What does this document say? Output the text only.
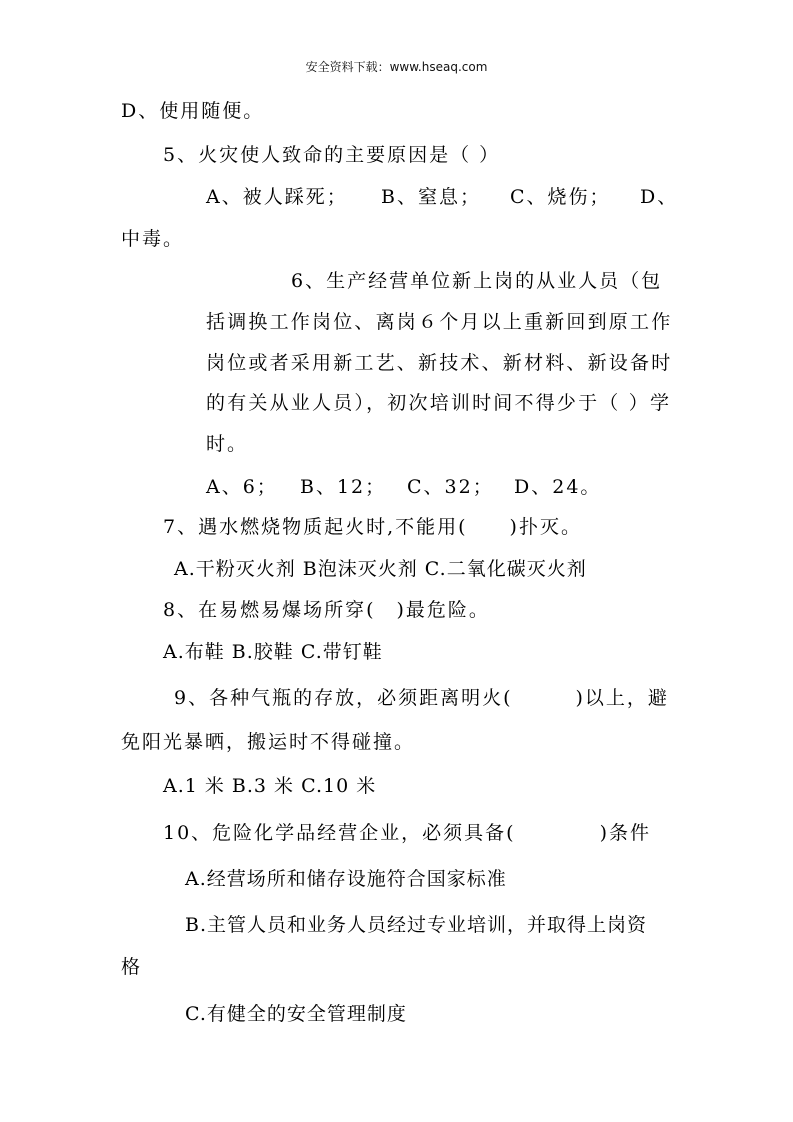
安全资料下载：www.hseaq.com
D、使用随便。
5、火灾使人致命的主要原因是（ ）
A、被人踩死； B、窒息； C、烧伤； D、
中毒。
6、生产经营单位新上岗的从业人员（包
括调换工作岗位、离岗６个月以上重新回到原工作
岗位或者采用新工艺、新技术、新材料、新设备时
的有关从业人员），初次培训时间不得少于（ ）学
时。
A、6； B、12； C、32； D、24。
7、遇水燃烧物质起火时,不能用(　　)扑灭。
A.干粉灭火剂 B泡沫灭火剂 C.二氧化碳灭火剂
8、在易燃易爆场所穿(　)最危险。
A.布鞋 B.胶鞋 C.带钉鞋
9、各种气瓶的存放，必须距离明火(　　　)以上，避
免阳光暴晒，搬运时不得碰撞。
A.1 米 B.3 米 C.10 米
10、危险化学品经营企业，必须具备(　　　　)条件
A.经营场所和储存设施符合国家标准
B.主管人员和业务人员经过专业培训，并取得上岗资
格
C.有健全的安全管理制度
